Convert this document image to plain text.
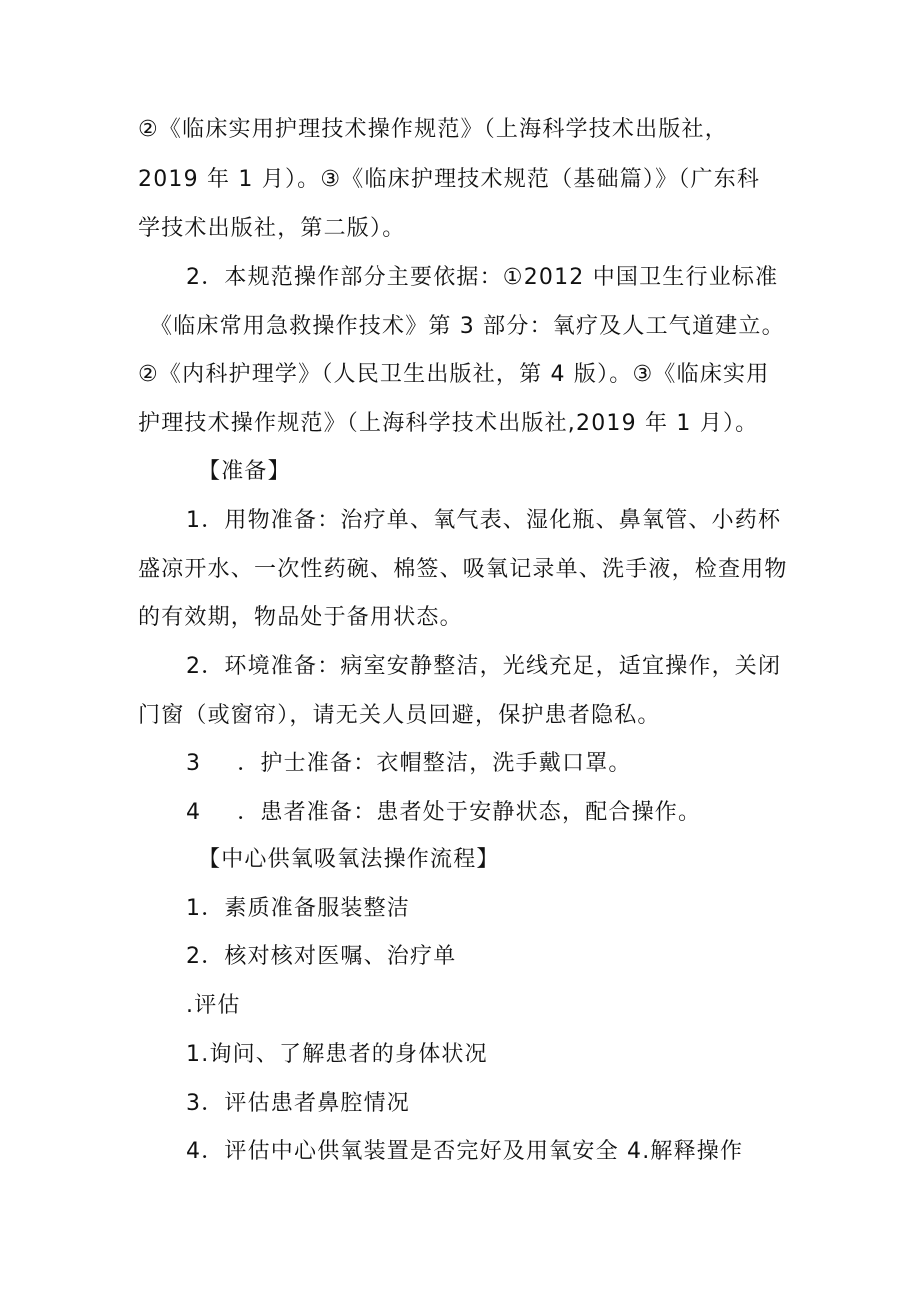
②《临床实用护理技术操作规范》（上海科学技术出版社，
2019 年 1 月）。③《临床护理技术规范（基础篇）》（广东科
学技术出版社，第二版）。
2．本规范操作部分主要依据：①2012 中国卫生行业标准
《临床常用急救操作技术》第 3 部分：氧疗及人工气道建立。
②《内科护理学》（人民卫生出版社，第 4 版）。③《临床实用
护理技术操作规范》（上海科学技术出版社,2019 年 1 月）。
【准备】
1．用物准备：治疗单、氧气表、湿化瓶、鼻氧管、小药杯
盛凉开水、一次性药碗、棉签、吸氧记录单、洗手液，检查用物
的有效期，物品处于备用状态。
2．环境准备：病室安静整洁，光线充足，适宜操作，关闭
门窗（或窗帘），请无关人员回避，保护患者隐私。
3 ．护士准备：衣帽整洁，洗手戴口罩。
4 ．患者准备：患者处于安静状态，配合操作。
【中心供氧吸氧法操作流程】
1．素质准备服装整洁
2．核对核对医嘱、治疗单
.评估
1.询问、了解患者的身体状况
3．评估患者鼻腔情况
4．评估中心供氧装置是否完好及用氧安全 4.解释操作
